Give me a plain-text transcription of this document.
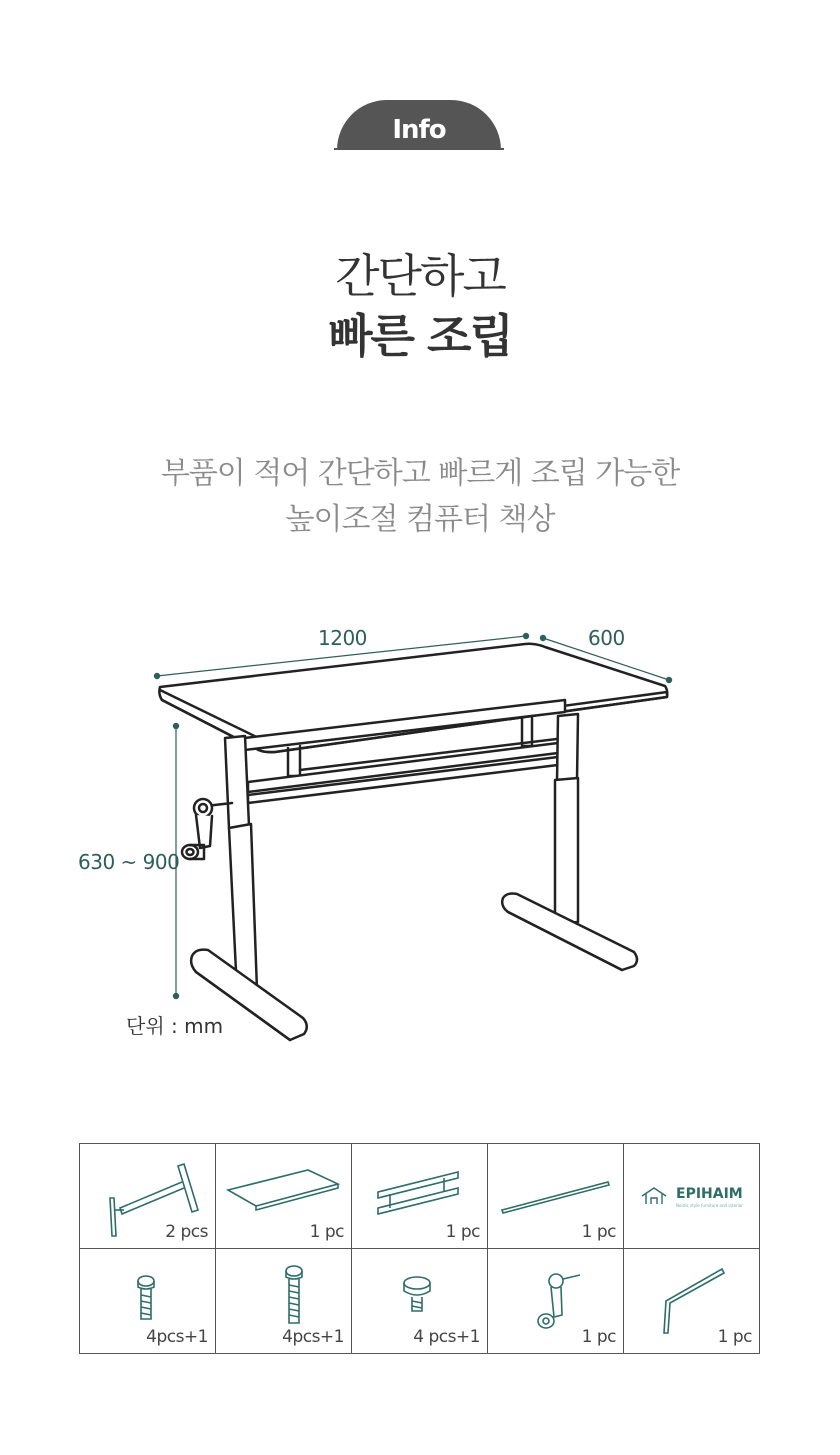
Info
간단하고
빠른 조립
부품이 적어 간단하고 빠르게 조립 가능한
높이조절 컴퓨터 책상
1200	600
630 ~ 900
단위 : mm
2 pcs	1 pc	1 pc	1 pc	EPIHAIM
Nordic style furniture and interior

4pcs+1	4pcs+1	4 pcs+1	1 pc	1 pc
